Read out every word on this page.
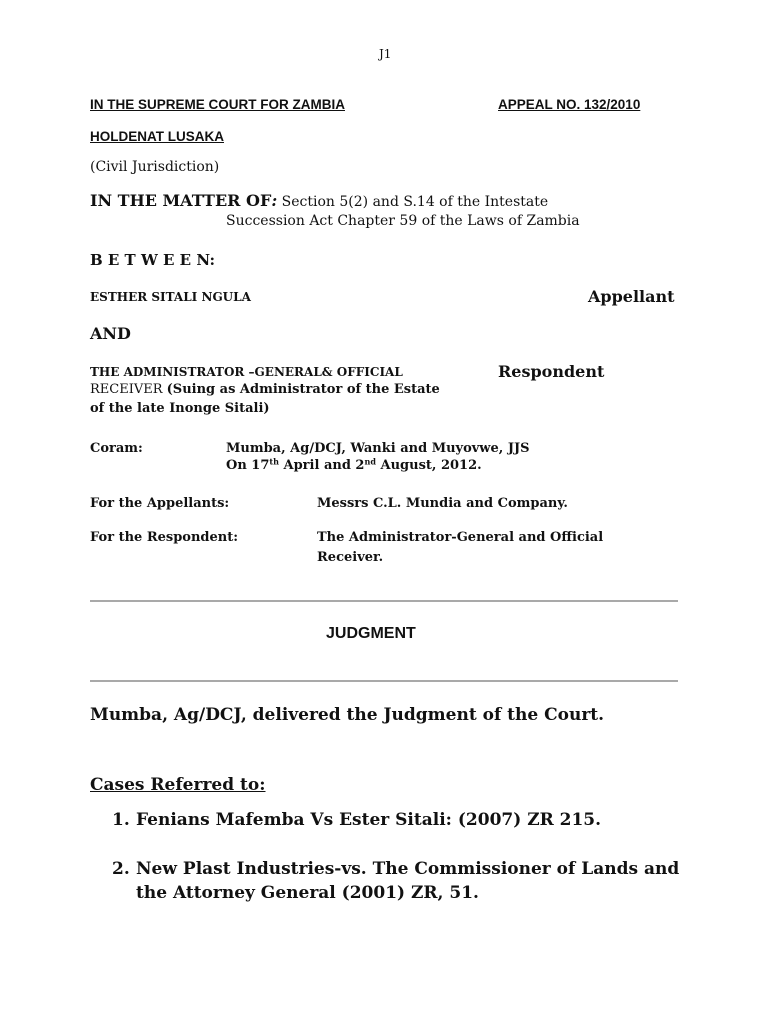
J1
IN THE SUPREME COURT FOR ZAMBIA	APPEAL NO. 132/2010
HOLDENAT LUSAKA
(Civil Jurisdiction)
IN THE MATTER OF: Section 5(2) and S.14 of the Intestate
Succession Act Chapter 59 of the Laws of Zambia
B E T W E E N:
ESTHER SITALI NGULA	Appellant
AND
THE ADMINISTRATOR –GENERAL& OFFICIAL
RECEIVER (Suing as Administrator of the Estate
of the late Inonge Sitali)
Respondent
Coram:	Mumba, Ag/DCJ, Wanki and Muyovwe, JJS
On 17th April and 2nd August, 2012.
For the Appellants:	Messrs C.L. Mundia and Company.
For the Respondent:	The Administrator-General and Official
Receiver.
JUDGMENT
Mumba, Ag/DCJ, delivered the Judgment of the Court.
Cases Referred to:
1. Fenians Mafemba Vs Ester Sitali: (2007) ZR 215.
2. New Plast Industries-vs. The Commissioner of Lands and
the Attorney General (2001) ZR, 51.
